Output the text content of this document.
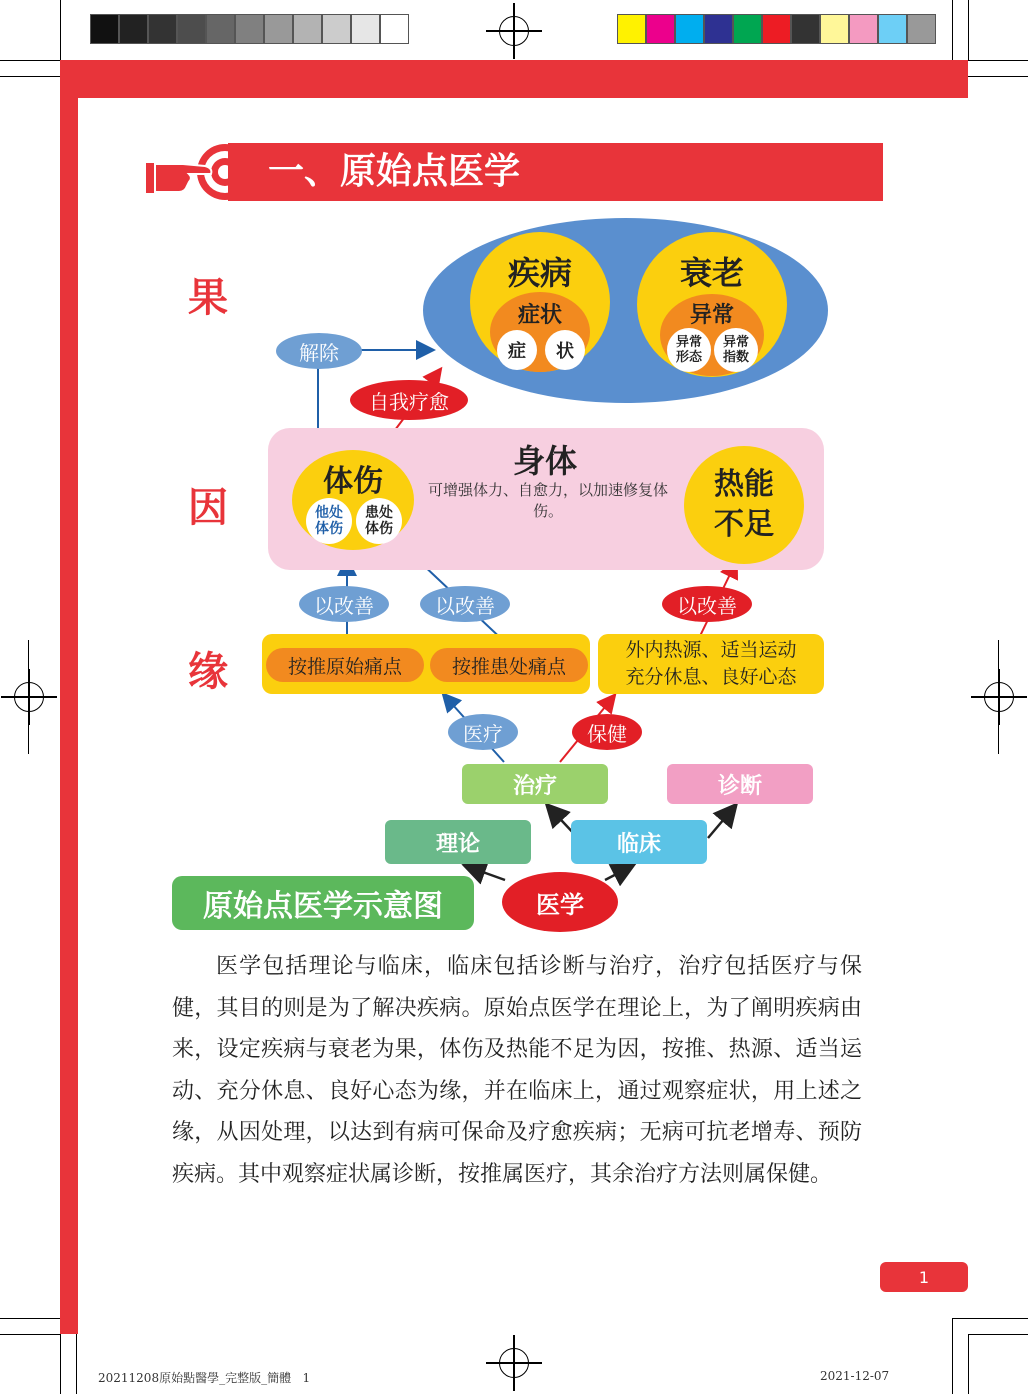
一、原始点医学
果
因
缘
疾病
症状
症	状
衰老
异常
异常
形态
异常
指数
解除
自我疗愈
身体
可增强体力、自愈力，以加速修复体伤。
体伤
他处
体伤
患处
体伤
热能
不足
以改善	以改善	以改善
按推原始痛点	按推患处痛点
外内热源、适当运动
充分休息、良好心态
医疗	保健
治疗	诊断
理论	临床
医学
原始点医学示意图

医学包括理论与临床，临床包括诊断与治疗，治疗包括医疗与保健，其目的则是为了解决疾病。原始点医学在理论上，为了阐明疾病由来，设定疾病与衰老为果，体伤及热能不足为因，按推、热源、适当运动、充分休息、良好心态为缘，并在临床上，通过观察症状，用上述之缘，从因处理，以达到有病可保命及疗愈疾病；无病可抗老增寿、预防疾病。其中观察症状属诊断，按推属医疗，其余治疗方法则属保健。

1
20211208原始點醫學_完整版_簡體   1	2021-12-07
